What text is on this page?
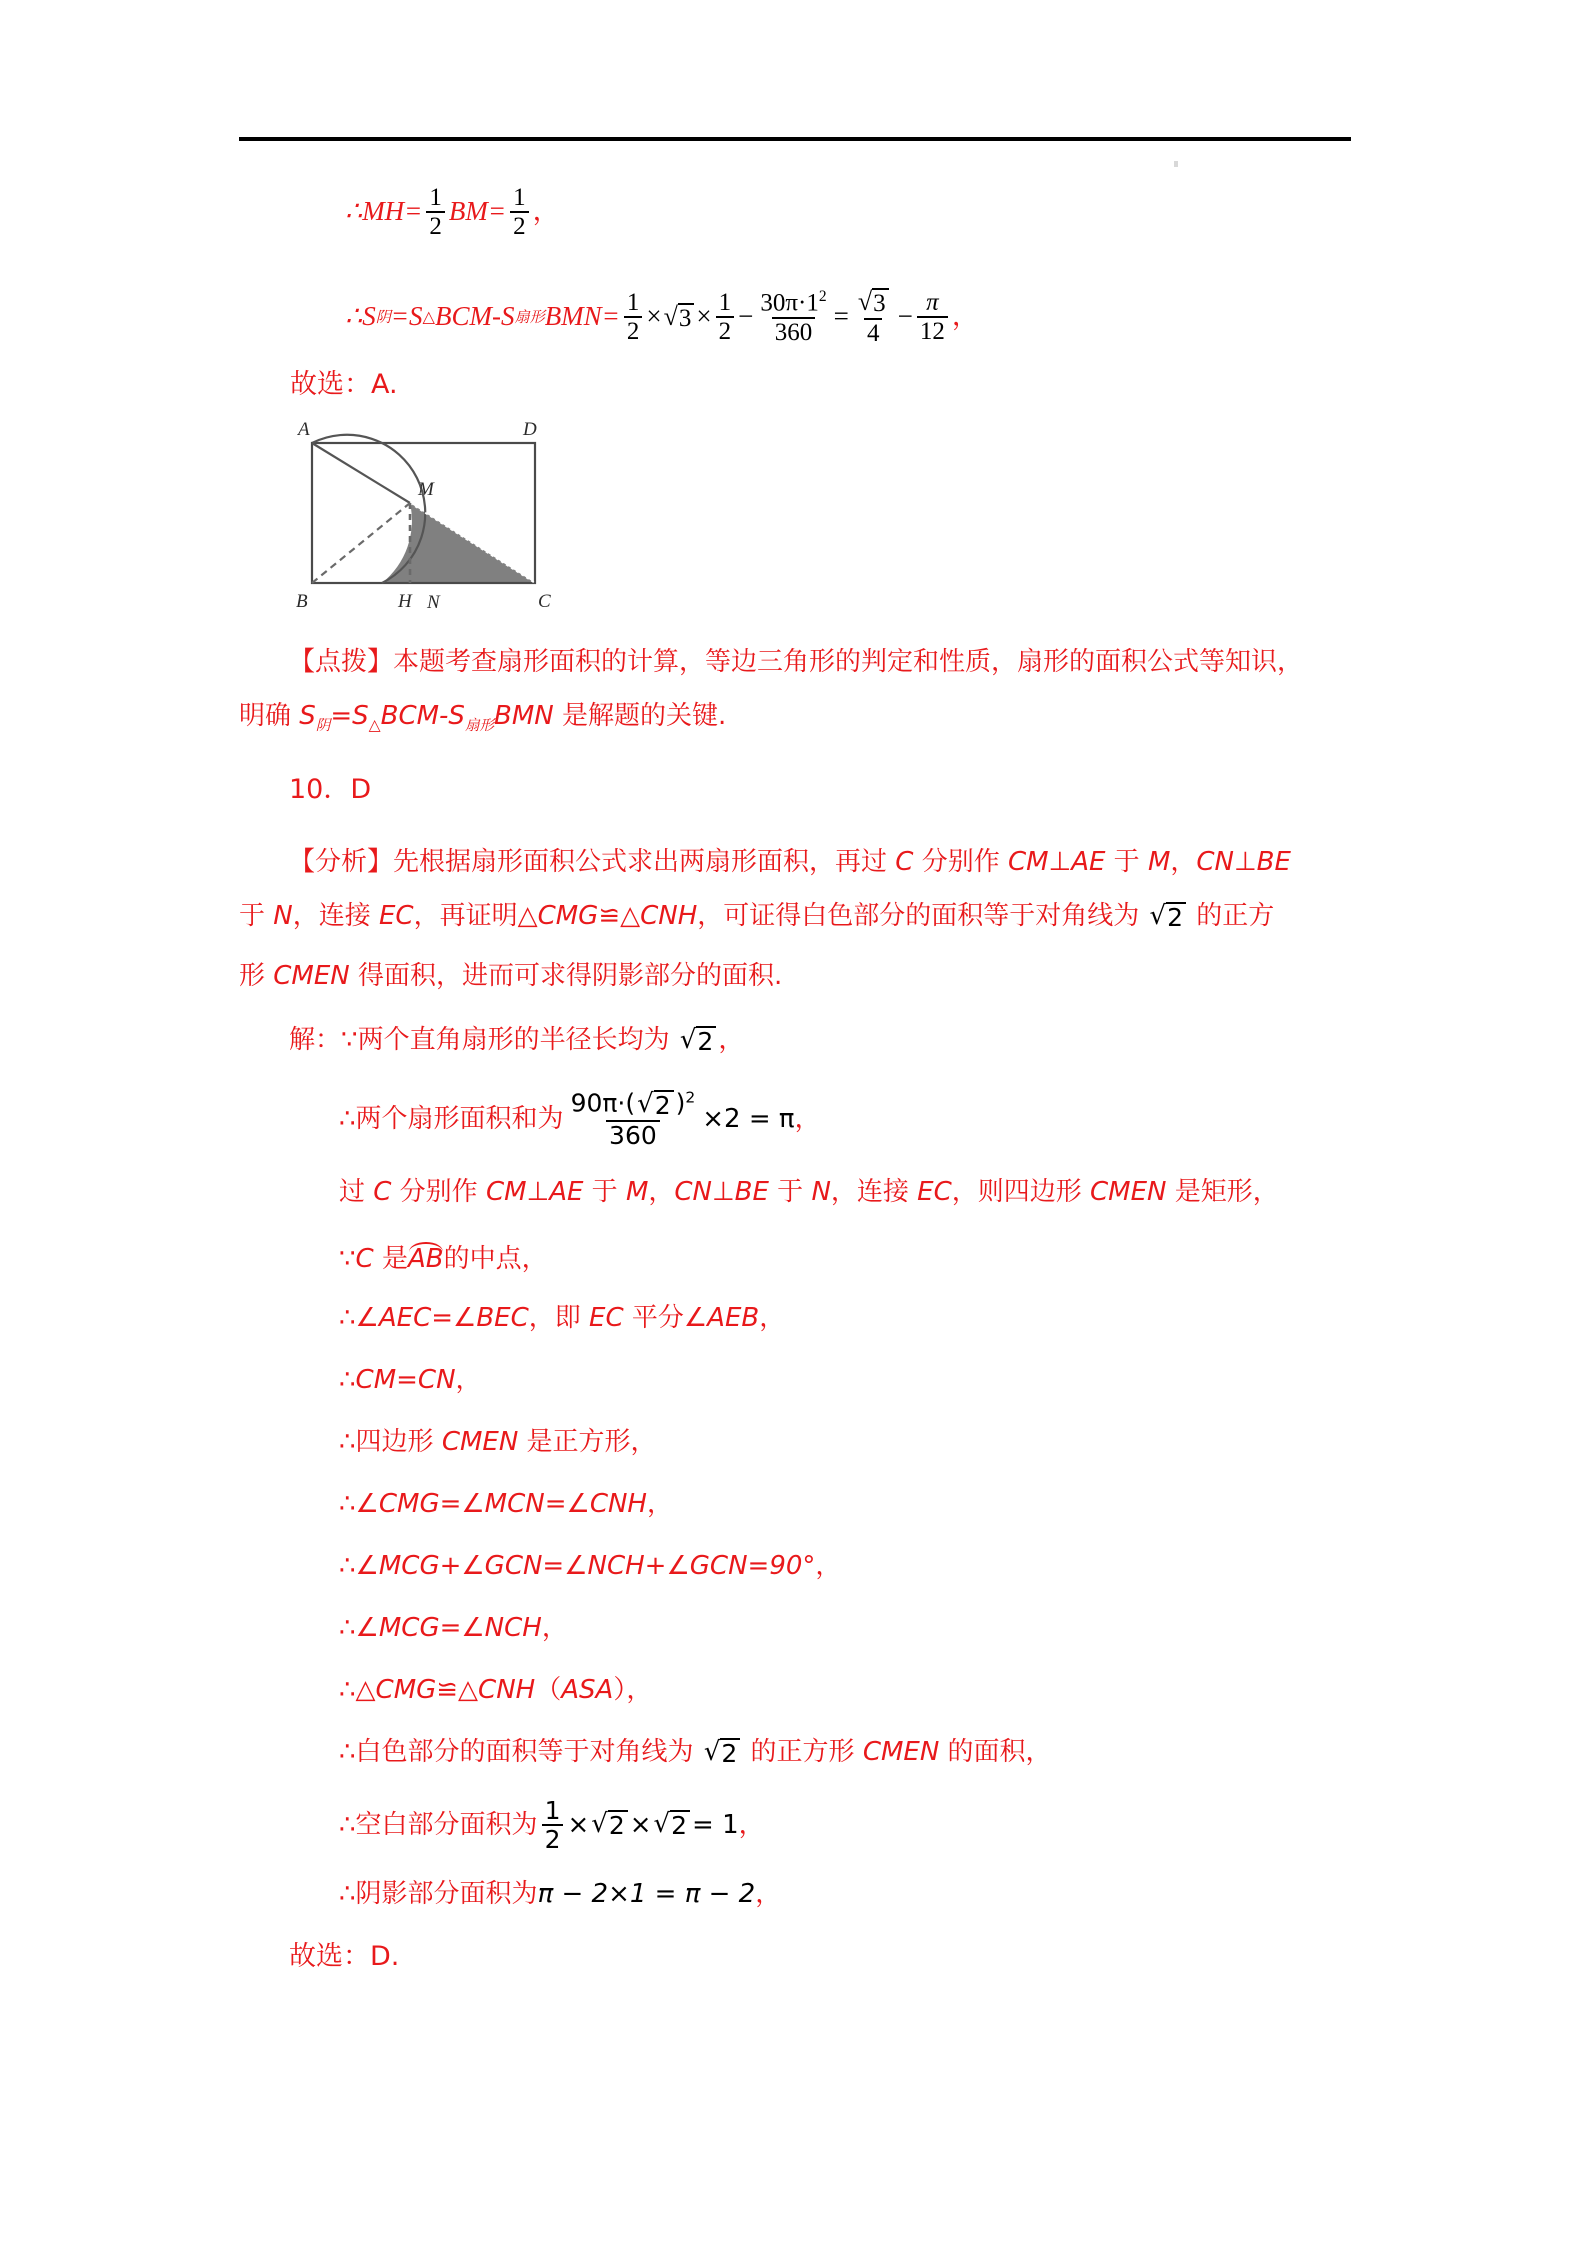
∴ $MH= \frac{1}{2} BM= \frac{1}{2}$ ，
∴ S 阴 =S △ BCM-S 扇形 $BMN= \frac{1}{2}$ × √ $3 \times \frac{1}{2} - \frac{30\pi\cdot 1^2}{360} = \frac{√ 3}{4} - \frac{\pi}{12}$ ，
故选：A.
A	D
B	C
M
H N
【点拨】本题考查扇形面积的计算，等边三角形的判定和性质，扇形的面积公式等知识，
明确 $S_阴=S_\triangle BCM-S_{扇形}BMN$ 是解题的关键.
10．D
【分析】先根据扇形面积公式求出两扇形面积，再过 C 分别作 CM⊥AE 于 M，CN⊥BE
于 N，连接 EC，再证明△CMG≌△CNH，可证得白色部分的面积等于对角线为 √ 2 的正方
形 CMEN 得面积，进而可求得阴影部分的面积.
解：∵两个直角扇形的半径长均为 √ 2 ，
∴ 两个扇形面积和为 $\frac{90\pi\cdot( √ 2 )^2}{360} \times 2 = \pi$ ，
过 C 分别作 CM⊥AE 于 M，CN⊥BE 于 N，连接 EC，则四边形 CMEN 是矩形，
∵C 是
AB的中点，
∴∠AEC=∠BEC，即 EC 平分∠AEB，
∴CM=CN，
∴四边形 CMEN 是正方形，
∴∠CMG=∠MCN=∠CNH，
∴∠MCG+∠GCN=∠NCH+∠GCN=90°，
∴∠MCG=∠NCH，
∴△CMG≌△CNH（ASA），
∴白色部分的面积等于对角线为 √ 2 的正方形 CMEN 的面积，
∴ 空白部分面积为 $\frac{1}{2}$ × √ 2 × √ 2 = 1 ，
∴阴影部分面积为π − 2×1 = π − 2，
故选：D.
